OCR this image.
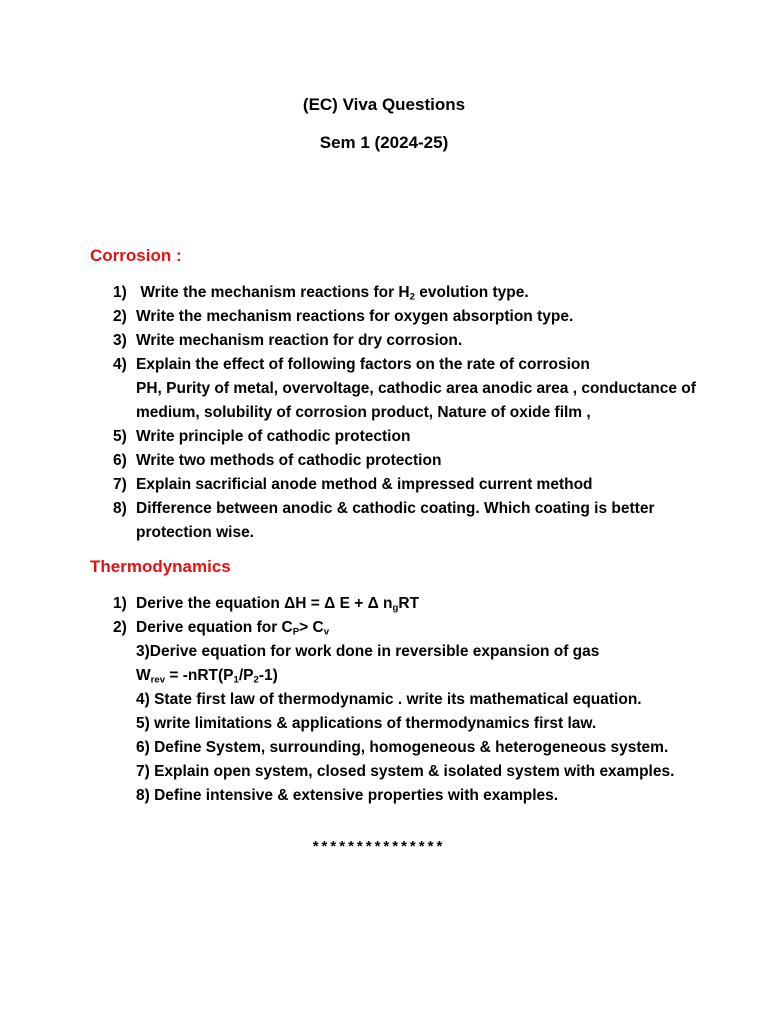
(EC) Viva Questions
Sem 1 (2024-25)
Corrosion :
1) Write the mechanism reactions for $H_2$ evolution type.
2) Write the mechanism reactions for oxygen absorption type.
3) Write mechanism reaction for dry corrosion.
4) Explain the effect of following factors on the rate of corrosion
PH, Purity of metal, overvoltage, cathodic area anodic area , conductance of medium, solubility of corrosion product, Nature of oxide film ,
5) Write principle of cathodic protection
6) Write two methods of cathodic protection
7) Explain sacrificial anode method & impressed current method
8) Difference between anodic & cathodic coating. Which coating is better protection wise.
Thermodynamics
1) Derive the equation ΔH = Δ E + Δ $n_gRT$
2) Derive equation for $C_P> C_v$
3)Derive equation for work done in reversible expansion of gas
$W_{rev} = -nRT(P_1/P_2-1)$
4) State first law of thermodynamic . write its mathematical equation.
5) write limitations & applications of thermodynamics first law.
6) Define System, surrounding, homogeneous & heterogeneous system.
7) Explain open system, closed system & isolated system with examples.
8) Define intensive & extensive properties with examples.
***************
